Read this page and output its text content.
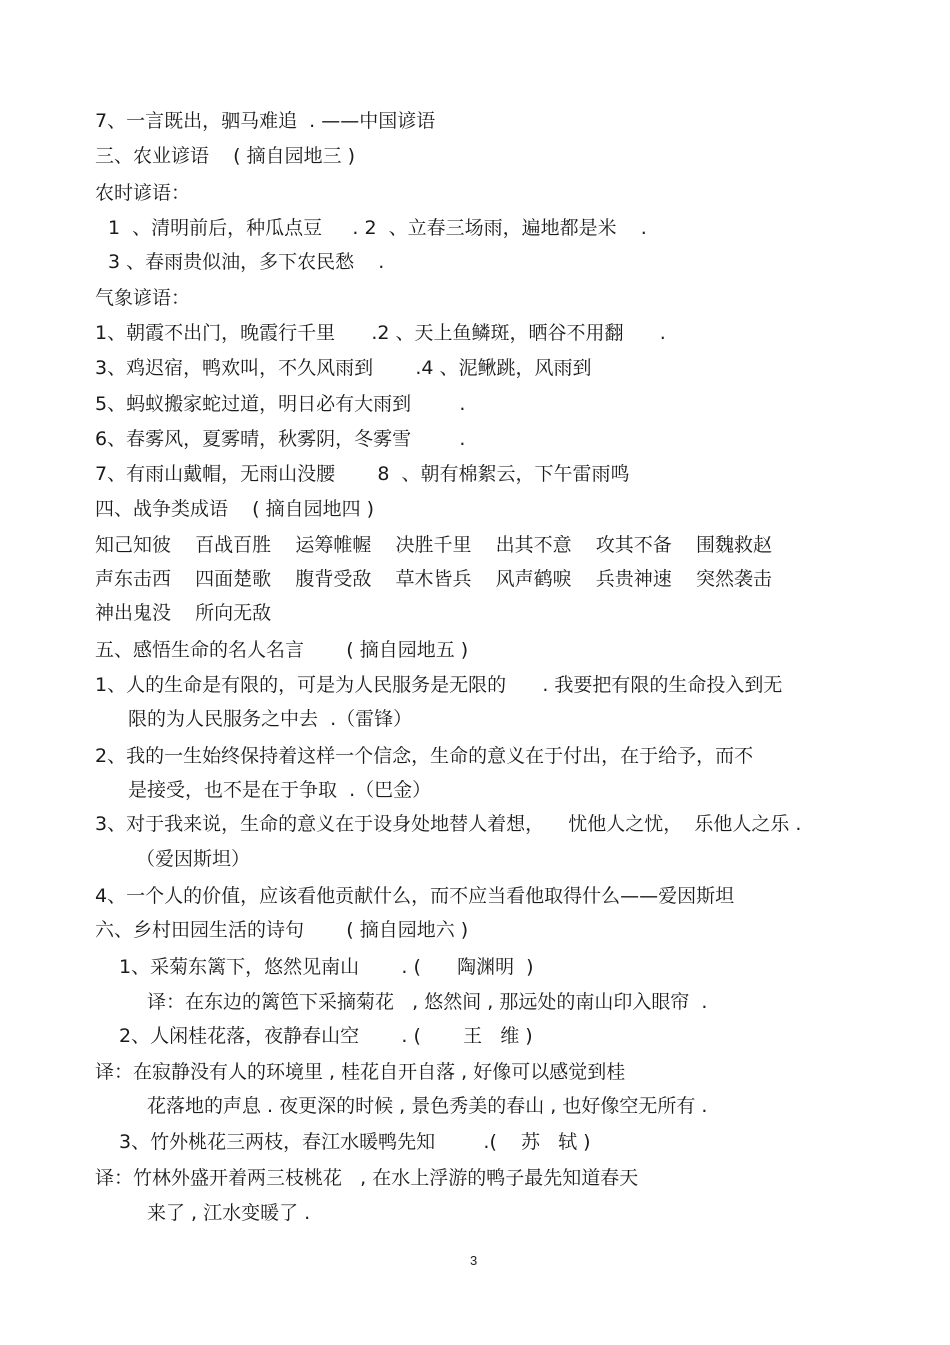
7、一言既出，驷马难追  . ——中国谚语
三、农业谚语    ( 摘自园地三 )
农时谚语：
1  、清明前后，种瓜点豆     . 2  、立春三场雨，遍地都是米    .
3 、春雨贵似油，多下农民愁    .
气象谚语：
1、朝霞不出门，晚霞行千里      .2 、天上鱼鳞斑，晒谷不用翻      .
3、鸡迟宿，鸭欢叫，不久风雨到       .4 、泥鳅跳，风雨到
5、蚂蚁搬家蛇过道，明日必有大雨到        .
6、春雾风，夏雾晴，秋雾阴，冬雾雪        .
7、有雨山戴帽，无雨山没腰       8  、朝有棉絮云，下午雷雨鸣
四、战争类成语    ( 摘自园地四 )
知己知彼    百战百胜    运筹帷幄    决胜千里    出其不意    攻其不备    围魏救赵
声东击西    四面楚歌    腹背受敌    草木皆兵    风声鹤唳    兵贵神速    突然袭击
神出鬼没    所向无敌
五、感悟生命的名人名言       ( 摘自园地五 )
1、人的生命是有限的，可是为人民服务是无限的      . 我要把有限的生命投入到无
限的为人民服务之中去  .（雷锋）
2、我的一生始终保持着这样一个信念，生命的意义在于付出，在于给予，而不
是接受，也不是在于争取  .（巴金）
3、对于我来说，生命的意义在于设身处地替人着想，    忧他人之忧，  乐他人之乐 .
（爱因斯坦）
4、一个人的价值，应该看他贡献什么，而不应当看他取得什么——爱因斯坦
六、乡村田园生活的诗句       ( 摘自园地六 )
1、采菊东篱下，悠然见南山       . (      陶渊明  )
译：在东边的篱笆下采摘菊花   , 悠然间 , 那远处的南山印入眼帘  .
2、人闲桂花落，夜静春山空       . (       王   维 )
译：在寂静没有人的环境里 , 桂花自开自落 , 好像可以感觉到桂
花落地的声息 . 夜更深的时候 , 景色秀美的春山 , 也好像空无所有 .
3、竹外桃花三两枝，春江水暖鸭先知        .(    苏   轼 )
译：竹林外盛开着两三枝桃花   , 在水上浮游的鸭子最先知道春天
来了 , 江水变暖了 .
3
